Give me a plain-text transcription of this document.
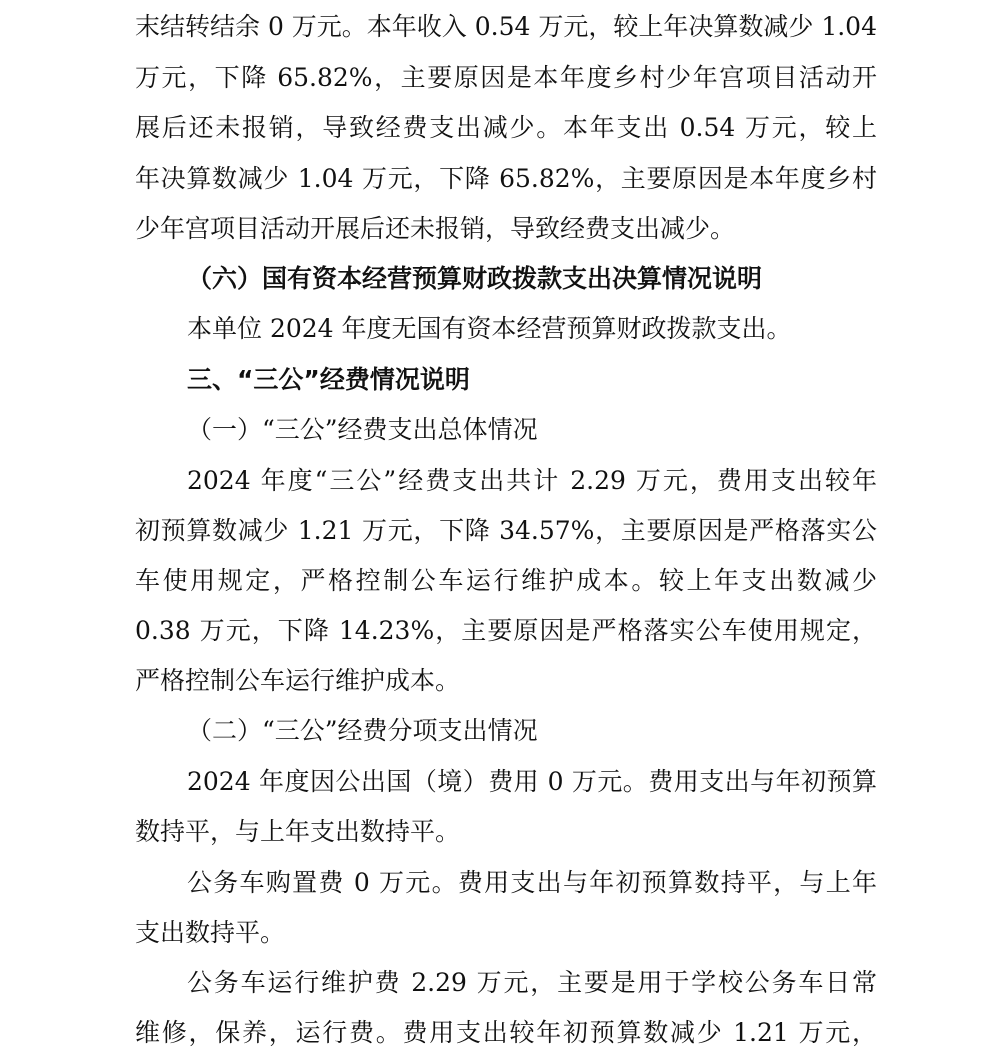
末结转结余 0 万元。本年收入 0.54 万元，较上年决算数减少 1.04
万元，下降 65.82%，主要原因是本年度乡村少年宫项目活动开
展后还未报销，导致经费支出减少。本年支出 0.54 万元，较上
年决算数减少 1.04 万元，下降 65.82%，主要原因是本年度乡村
少年宫项目活动开展后还未报销，导致经费支出减少。
（六）国有资本经营预算财政拨款支出决算情况说明
本单位 2024 年度无国有资本经营预算财政拨款支出。
三、“三公”经费情况说明
（一）“三公”经费支出总体情况
2024 年度“三公”经费支出共计 2.29 万元，费用支出较年
初预算数减少 1.21 万元，下降 34.57%，主要原因是严格落实公
车使用规定，严格控制公车运行维护成本。较上年支出数减少
0.38 万元，下降 14.23%，主要原因是严格落实公车使用规定，
严格控制公车运行维护成本。
（二）“三公”经费分项支出情况
2024 年度因公出国（境）费用 0 万元。费用支出与年初预算
数持平，与上年支出数持平。
公务车购置费 0 万元。费用支出与年初预算数持平，与上年
支出数持平。
公务车运行维护费 2.29 万元，主要是用于学校公务车日常
维修，保养，运行费。费用支出较年初预算数减少 1.21 万元，
